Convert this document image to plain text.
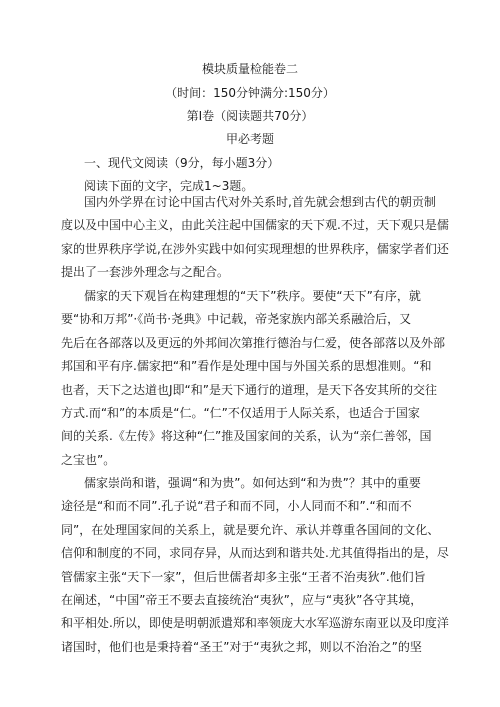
模块质量检能卷二
（时间：150分钟满分:150分）
第Ⅰ卷（阅读题共70分）
甲必考题
一、现代文阅读（9分，每小题3分）
阅读下面的文字，完成1~3题。
国内外学界在讨论中国古代对外关系时,首先就会想到古代的朝贡制
度以及中国中心主义，由此关注起中国儒家的天下观.不过，天下观只是儒
家的世界秩序学说,在涉外实践中如何实现理想的世界秩序，儒家学者们还
提出了一套涉外理念与之配合。
儒家的天下观旨在构建理想的“天下”秩序。要使“天下”有序，就
要“协和万邦”·《尚书·尧典》中记载，帝尧家族内部关系融洽后，又
先后在各部落以及更远的外邦间次第推行德治与仁爱，使各部落以及外部
邦国和平有序.儒家把“和”看作是处理中国与外国关系的思想准则。“和
也者，天下之达道也J即“和”是天下通行的道理，是天下各安其所的交往
方式.而“和”的本质是“仁。“仁”不仅适用于人际关系，也适合于国家
间的关系.《左传》将这种“仁”推及国家间的关系，认为“亲仁善邻，国
之宝也”。
儒家崇尚和谐，强调“和为贵”。如何达到“和为贵”？其中的重要
途径是“和而不同”.孔子说“君子和而不同，小人同而不和”.“和而不
同”，在处理国家间的关系上，就是要允许、承认并尊重各国间的文化、
信仰和制度的不同，求同存异，从而达到和谐共处.尤其值得指出的是，尽
管儒家主张“天下一家”，但后世儒者却多主张“王者不治夷狄”.他们旨
在阐述，“中国”帝王不要去直接统治“夷狄”，应与“夷狄”各守其境，
和平相处.所以，即使是明朝派遣郑和率领庞大水军巡游东南亚以及印度洋
诸国时，他们也是秉持着“圣王”对于“夷狄之邦，则以不治治之”的坚
